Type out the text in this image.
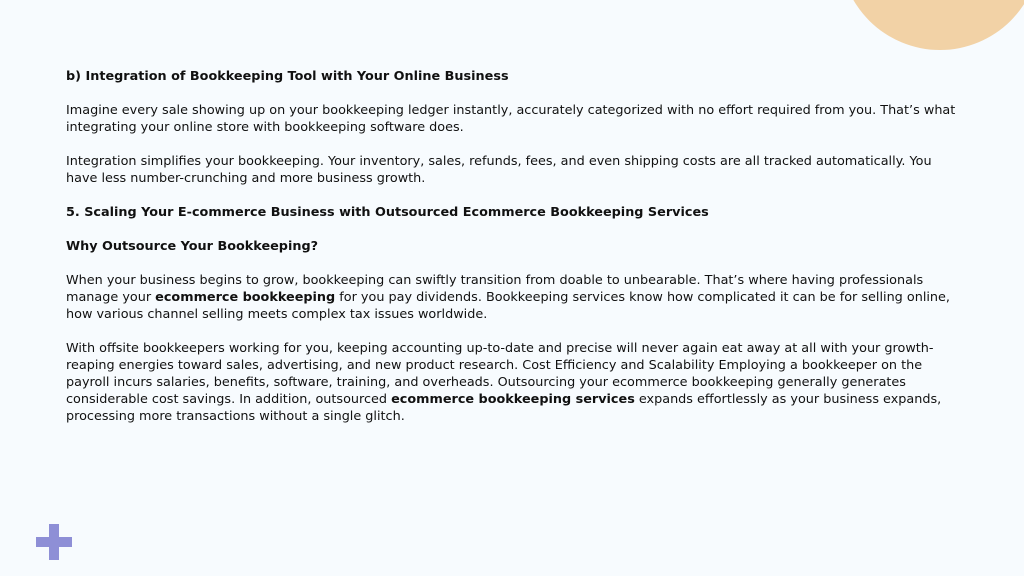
b) Integration of Bookkeeping Tool with Your Online Business

Imagine every sale showing up on your bookkeeping ledger instantly, accurately categorized with no effort required from you. That’s what integrating your online store with bookkeeping software does.

Integration simplifies your bookkeeping. Your inventory, sales, refunds, fees, and even shipping costs are all tracked automatically. You have less number-crunching and more business growth.

5. Scaling Your E-commerce Business with Outsourced Ecommerce Bookkeeping Services

Why Outsource Your Bookkeeping?

When your business begins to grow, bookkeeping can swiftly transition from doable to unbearable. That’s where having professionals manage your ecommerce bookkeeping for you pay dividends. Bookkeeping services know how complicated it can be for selling online, how various channel selling meets complex tax issues worldwide.

With offsite bookkeepers working for you, keeping accounting up-to-date and precise will never again eat away at all with your growth-reaping energies toward sales, advertising, and new product research. Cost Efficiency and Scalability Employing a bookkeeper on the payroll incurs salaries, benefits, software, training, and overheads. Outsourcing your ecommerce bookkeeping generally generates considerable cost savings. In addition, outsourced ecommerce bookkeeping services expands effortlessly as your business expands, processing more transactions without a single glitch.
